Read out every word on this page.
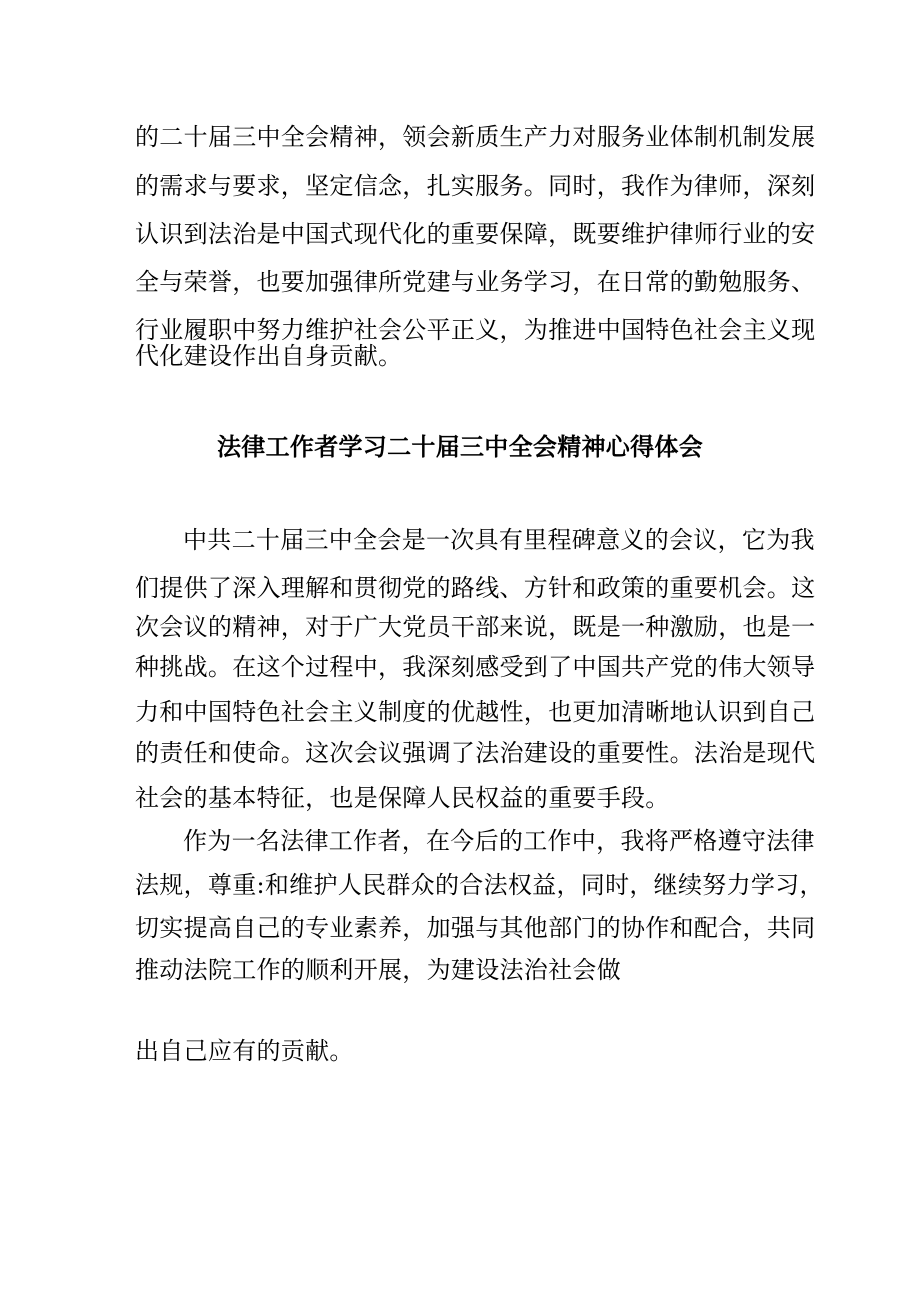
的二十届三中全会精神，领会新质生产力对服务业体制机制发展
的需求与要求，坚定信念，扎实服务。同时，我作为律师，深刻
认识到法治是中国式现代化的重要保障，既要维护律师行业的安
全与荣誉，也要加强律所党建与业务学习，在日常的勤勉服务、
行业履职中努力维护社会公平正义，为推进中国特色社会主义现
代化建设作出自身贡献。
法律工作者学习二十届三中全会精神心得体会
中共二十届三中全会是一次具有里程碑意义的会议，它为我
们提供了深入理解和贯彻党的路线、方针和政策的重要机会。这
次会议的精神，对于广大党员干部来说，既是一种激励，也是一
种挑战。在这个过程中，我深刻感受到了中国共产党的伟大领导
力和中国特色社会主义制度的优越性，也更加清晰地认识到自己
的责任和使命。这次会议强调了法治建设的重要性。法治是现代
社会的基本特征，也是保障人民权益的重要手段。
作为一名法律工作者，在今后的工作中，我将严格遵守法律
法规，尊重:和维护人民群众的合法权益，同时，继续努力学习，
切实提高自己的专业素养，加强与其他部门的协作和配合，共同
推动法院工作的顺利开展，为建设法治社会做
出自己应有的贡献。
